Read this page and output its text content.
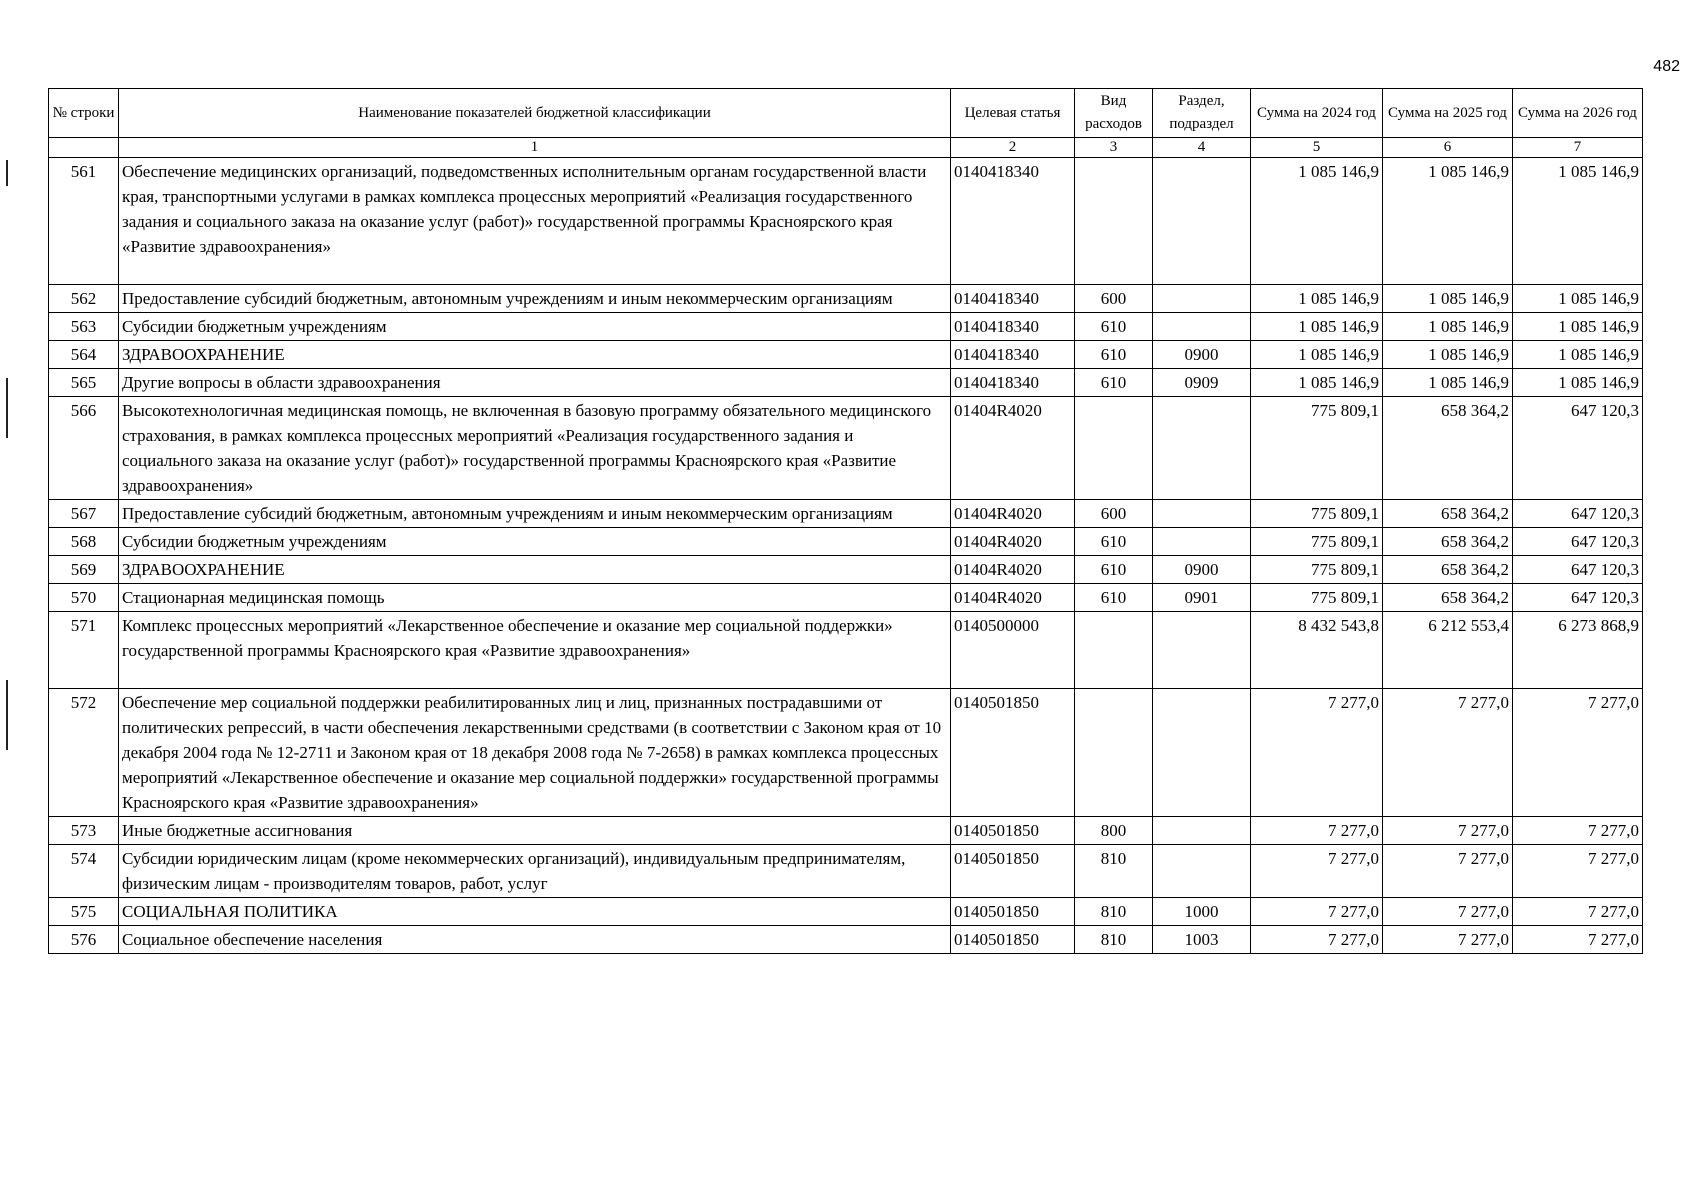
482
№ строки	Наименование показателей бюджетной классификации	Целевая статья	Вид расходов	Раздел, подраздел	Сумма на 2024 год	Сумма на 2025 год	Сумма на 2026 год
	1	2	3	4	5	6	7
561	Обеспечение медицинских организаций, подведомственных исполнительным органам государственной власти края, транспортными услугами в рамках комплекса процессных мероприятий «Реализация государственного задания и социального заказа на оказание услуг (работ)» государственной программы Красноярского края «Развитие здравоохранения»	0140418340			1 085 146,9	1 085 146,9	1 085 146,9
562	Предоставление субсидий бюджетным, автономным учреждениям и иным некоммерческим организациям	0140418340	600		1 085 146,9	1 085 146,9	1 085 146,9
563	Субсидии бюджетным учреждениям	0140418340	610		1 085 146,9	1 085 146,9	1 085 146,9
564	ЗДРАВООХРАНЕНИЕ	0140418340	610	0900	1 085 146,9	1 085 146,9	1 085 146,9
565	Другие вопросы в области здравоохранения	0140418340	610	0909	1 085 146,9	1 085 146,9	1 085 146,9
566	Высокотехнологичная медицинская помощь, не включенная в базовую программу обязательного медицинского страхования, в рамках комплекса процессных мероприятий «Реализация государственного задания и социального заказа на оказание услуг (работ)» государственной программы Красноярского края «Развитие здравоохранения»	01404R4020			775 809,1	658 364,2	647 120,3
567	Предоставление субсидий бюджетным, автономным учреждениям и иным некоммерческим организациям	01404R4020	600		775 809,1	658 364,2	647 120,3
568	Субсидии бюджетным учреждениям	01404R4020	610		775 809,1	658 364,2	647 120,3
569	ЗДРАВООХРАНЕНИЕ	01404R4020	610	0900	775 809,1	658 364,2	647 120,3
570	Стационарная медицинская помощь	01404R4020	610	0901	775 809,1	658 364,2	647 120,3
571	Комплекс процессных мероприятий «Лекарственное обеспечение и оказание мер социальной поддержки» государственной программы Красноярского края «Развитие здравоохранения»	0140500000			8 432 543,8	6 212 553,4	6 273 868,9
572	Обеспечение мер социальной поддержки реабилитированных лиц и лиц, признанных пострадавшими от политических репрессий, в части обеспечения лекарственными средствами (в соответствии с Законом края от 10 декабря 2004 года № 12-2711 и Законом края от 18 декабря 2008 года № 7-2658) в рамках комплекса процессных мероприятий «Лекарственное обеспечение и оказание мер социальной поддержки» государственной программы Красноярского края «Развитие здравоохранения»	0140501850			7 277,0	7 277,0	7 277,0
573	Иные бюджетные ассигнования	0140501850	800		7 277,0	7 277,0	7 277,0
574	Субсидии юридическим лицам (кроме некоммерческих организаций), индивидуальным предпринимателям, физическим лицам - производителям товаров, работ, услуг	0140501850	810		7 277,0	7 277,0	7 277,0
575	СОЦИАЛЬНАЯ ПОЛИТИКА	0140501850	810	1000	7 277,0	7 277,0	7 277,0
576	Социальное обеспечение населения	0140501850	810	1003	7 277,0	7 277,0	7 277,0
